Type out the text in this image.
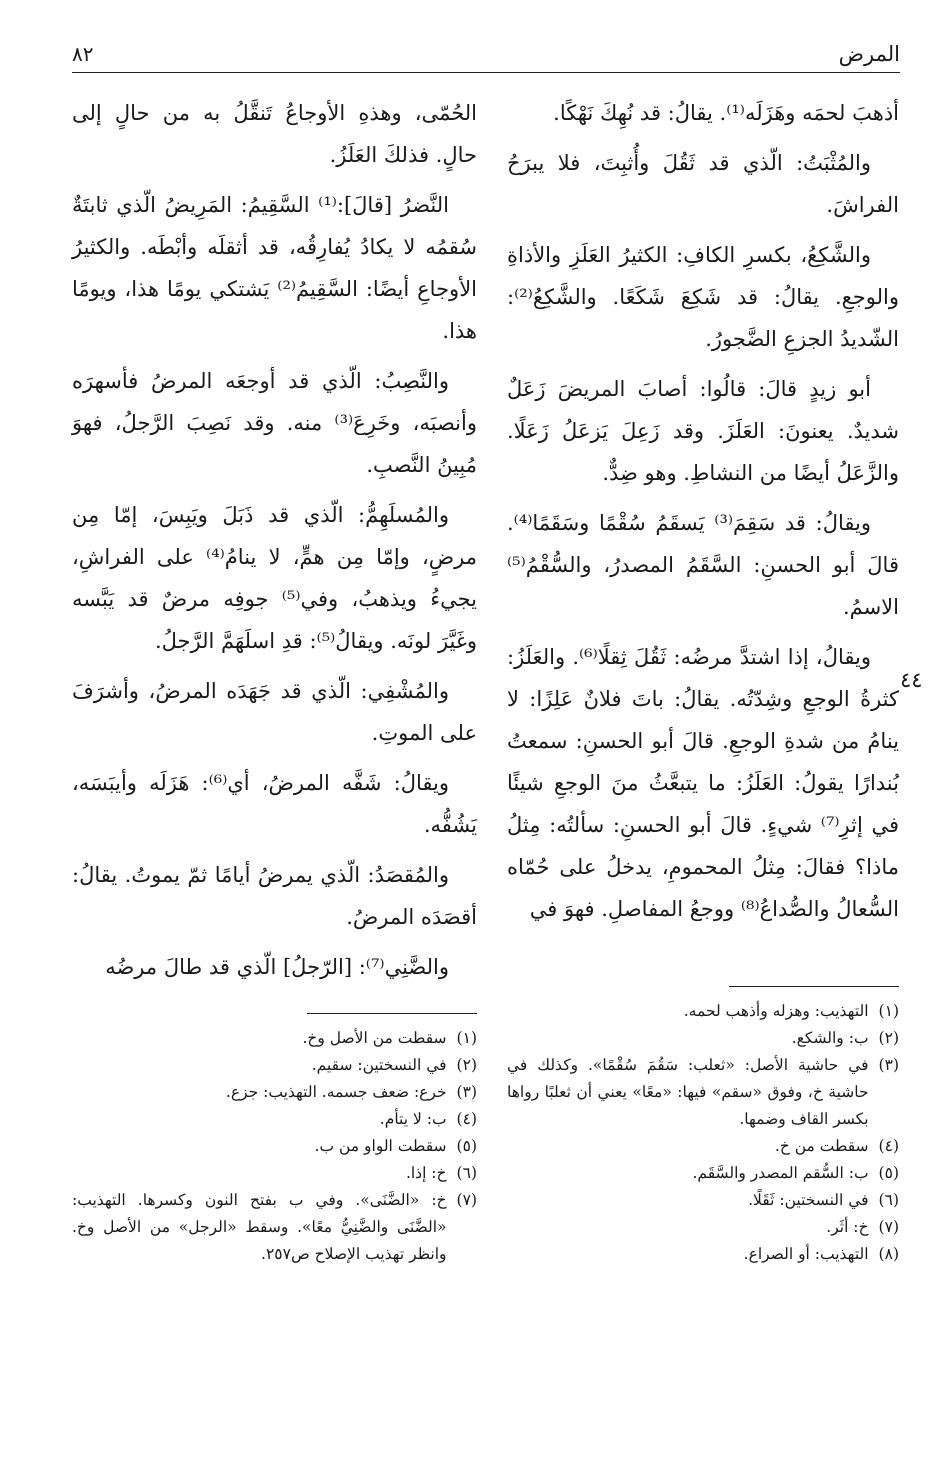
المرض
٨٢

أذهبَ لحمَه وهَزَلَه⁽¹⁾. يقالُ: قد نُهِكَ نَهْكًا.

والمُثْبَتُ: الّذي قد ثَقُلَ وأُثبِتَ، فلا يبرَحُ الفراشَ.

والشَّكِعُ، بكسرِ الكافِ: الكثيرُ العَلَزِ والأذاةِ والوجعِ. يقالُ: قد شَكِعَ شَكَعًا. والشَّكِعُ⁽²⁾: الشّديدُ الجزعِ الضَّجورُ.

أبو زيدٍ قالَ: قالُوا: أصابَ المريضَ زَعَلٌ شديدٌ. يعنونَ: العَلَزَ. وقد زَعِلَ يَزعَلُ زَعَلًا. والزَّعَلُ أيضًا من النشاطِ. وهو ضِدٌّ.

ويقالُ: قد سَقِمَ⁽³⁾ يَسقَمُ سُقْمًا وسَقَمًا⁽⁴⁾. قالَ أبو الحسنِ: السَّقَمُ المصدرُ، والسُّقْمُ⁽⁵⁾ الاسمُ.

ويقالُ، إذا اشتدَّ مرضُه: ثَقُلَ ثِقلًا⁽⁶⁾. والعَلَزُ: كثرةُ الوجعِ وشِدّتُه. يقالُ: باتَ فلانٌ عَلِزًا: لا ينامُ من شدةِ الوجعِ. قالَ أبو الحسنِ: سمعتُ بُندارًا يقولُ: العَلَزُ: ما يتبعَّثُ منَ الوجعِ شيئًا في إثرِ⁽⁷⁾ شيءٍ. قالَ أبو الحسنِ: سألتُه: مِثلُ ماذا؟ فقالَ: مِثلُ المحمومِ، يدخلُ على حُمّاه السُّعالُ والصُّداعُ⁽⁸⁾ ووجعُ المفاصلِ. فهوَ في

٤٤

الحُمّى، وهذهِ الأوجاعُ تَنقَّلُ به من حالٍ إلى حالٍ. فذلكَ العَلَزُ.

النَّضرُ [قالَ]:⁽¹⁾ السَّقِيمُ: المَرِيضُ الّذي ثابتَةٌ سُقمُه لا يكادُ يُفارِقُه، قد أثقلَه وأبْطَه. والكثيرُ الأوجاعِ أيضًا: السَّقِيمُ⁽²⁾ يَشتكي يومًا هذا، ويومًا هذا.

والنَّصِبُ: الّذي قد أوجعَه المرضُ فأسهرَه وأنصبَه، وخَرِعَ⁽³⁾ منه. وقد نَصِبَ الرَّجلُ، فهوَ مُبِينُ النَّصبِ.

والمُسلَهِمُّ: الّذي قد ذَبَلَ ويَبِسَ، إمّا مِن مرضٍ، وإمّا مِن همٍّ، لا ينامُ⁽⁴⁾ على الفراشِ، يجيءُ ويذهبُ، وفي⁽⁵⁾ جوفِه مرضٌ قد يَبَّسه وغَيَّرَ لونَه. ويقالُ⁽⁵⁾: قدِ اسلَهَمَّ الرَّجلُ.

والمُشْفِي: الّذي قد جَهَدَه المرضُ، وأشرَفَ على الموتِ.

ويقالُ: شَفَّه المرضُ، أي⁽⁶⁾: هَزَلَه وأيبَسَه، يَشُفُّه.

والمُقصَدُ: الّذي يمرضُ أيامًا ثمّ يموتُ. يقالُ: أقصَدَه المرضُ.

والضَّنِي⁽⁷⁾: [الرّجلُ] الّذي قد طالَ مرضُه

(١)
التهذيب: وهزله وأذهب لحمه.
(٢)
ب: والشكع.
(٣)
في حاشية الأصل: «ثعلب: سَقُمَ سُقْمًا». وكذلك في حاشية خ، وفوق «سقم» فيها: «معًا» يعني أن ثعلبًا رواها بكسر القاف وضمها.
(٤)
سقطت من خ.
(٥)
ب: السُّقم المصدر والسَّقَم.
(٦)
في النسختين: ثَقَلًا.
(٧)
خ: أثَر.
(٨)
التهذيب: أو الصراع.
(١)
سقطت من الأصل وخ.
(٢)
في النسختين: سقيم.
(٣)
خرع: ضعف جسمه. التهذيب: جزع.
(٤)
ب: لا يتأم.
(٥)
سقطت الواو من ب.
(٦)
خ: إذا.
(٧)
خ: «الضَّنَى». وفي ب بفتح النون وكسرها. التهذيب: «الضَّنَى والضَّنِيُّ معًا». وسقط «الرجل» من الأصل وخ. وانظر تهذيب الإصلاح ص٢٥٧.
